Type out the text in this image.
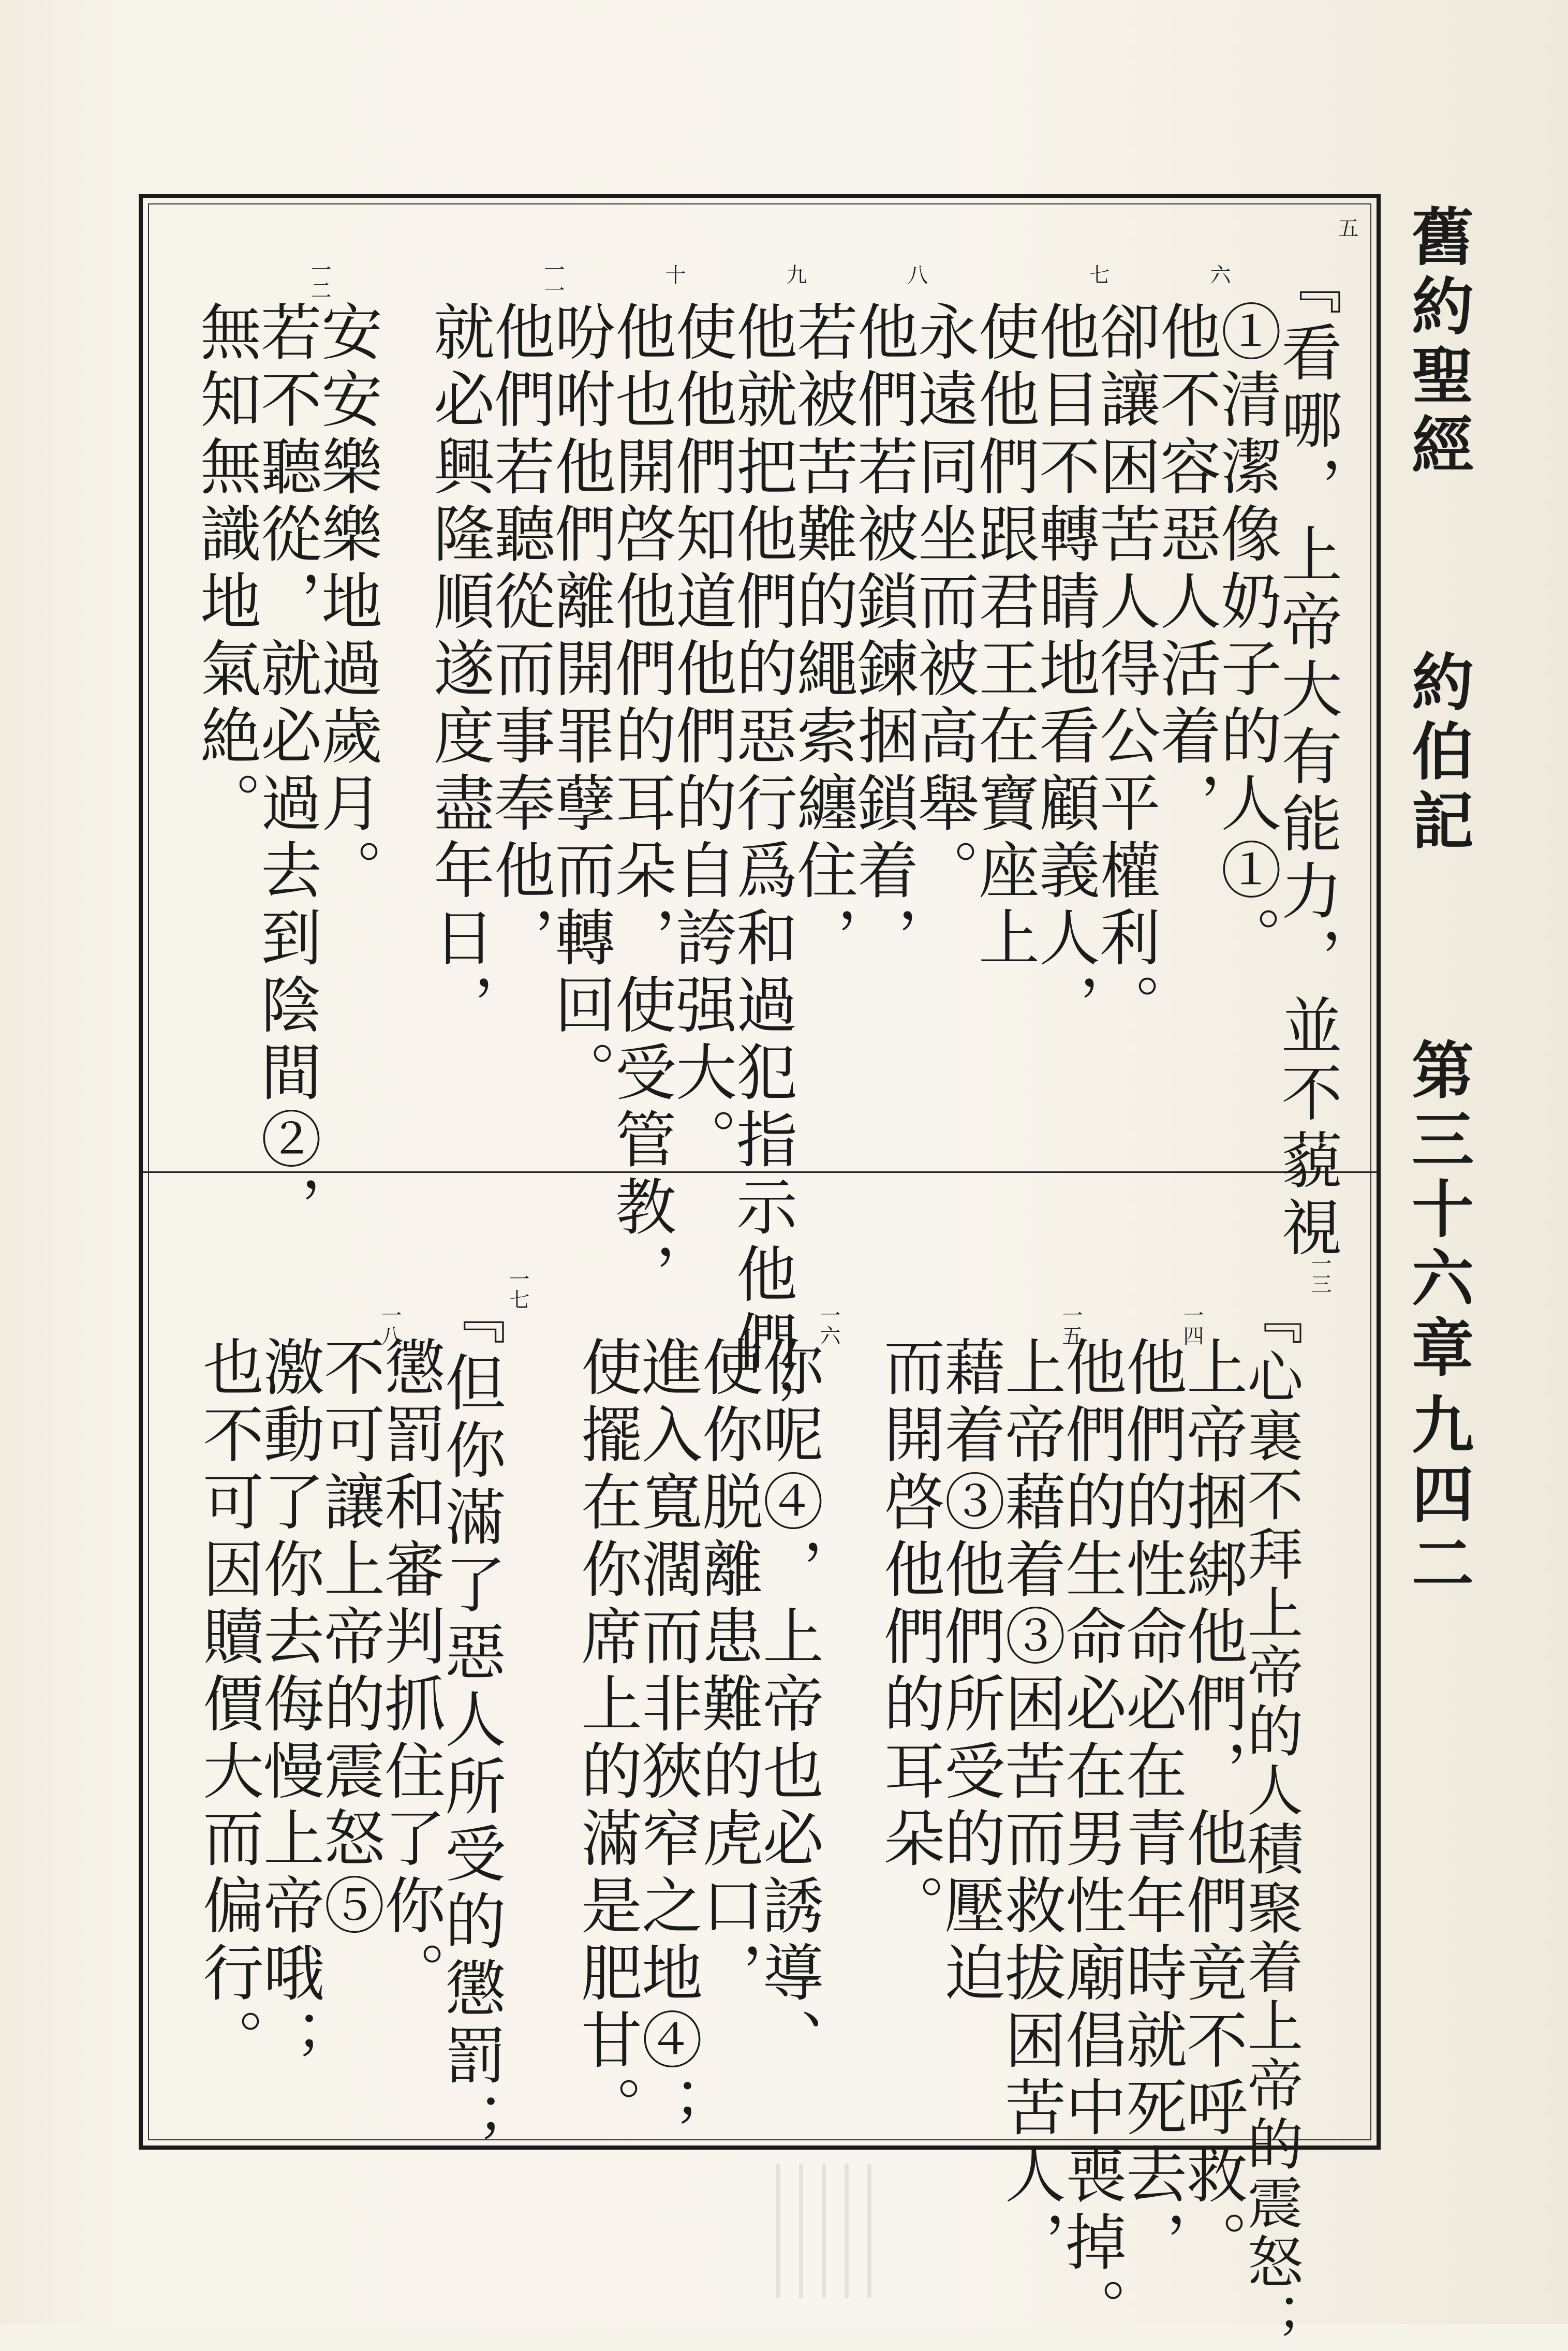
舊約聖經
約伯記
第三十六章
九四二
五
『看哪，上帝大有能力，並不藐視
①清潔像奶子的人①。
六
他不容惡人活着，
卻讓困苦人得公平權利。
七
他目不轉睛地看顧義人，
使他們跟君王在寶座上
永遠同坐而被高舉。
八
他們若被鎖鍊捆鎖着，
若被苦難的繩索纏住，
九
他就把他們的惡行爲和過犯指示他們，
使他們知道他們的自誇强大。
十
他也開啓他們的耳朵，使受管教，
吩咐他們離開罪孽而轉回。
一一
他們若聽從而事奉他，
就必興隆順遂度盡年日，
安安樂樂地過歲月。
一二
若不聽從，就必過去到陰間②，
無知無識地氣絶。
一三
『心裏不拜上帝的人積聚着上帝的震怒；
上帝捆綁他們，他們竟不呼救。
一四
他們的性命必在青年時就死去，
他們的生命必在男性廟倡中喪掉。
一五
上帝藉着③困苦而救拔困苦人，
藉着③他們所受的壓迫
而開啓他們的耳朵。
一六
你呢④，上帝也必誘導、
使你脱離患難的虎口，
進入寬濶而非狹窄之地④；
使擺在你席上的滿是肥甘。
一七
『但你滿了惡人所受的懲罰；
懲罰和審判抓住了你。
一八
不可讓上帝的震怒⑤
激動了你去侮慢上帝哦；
也不可因贖價大而偏行。
